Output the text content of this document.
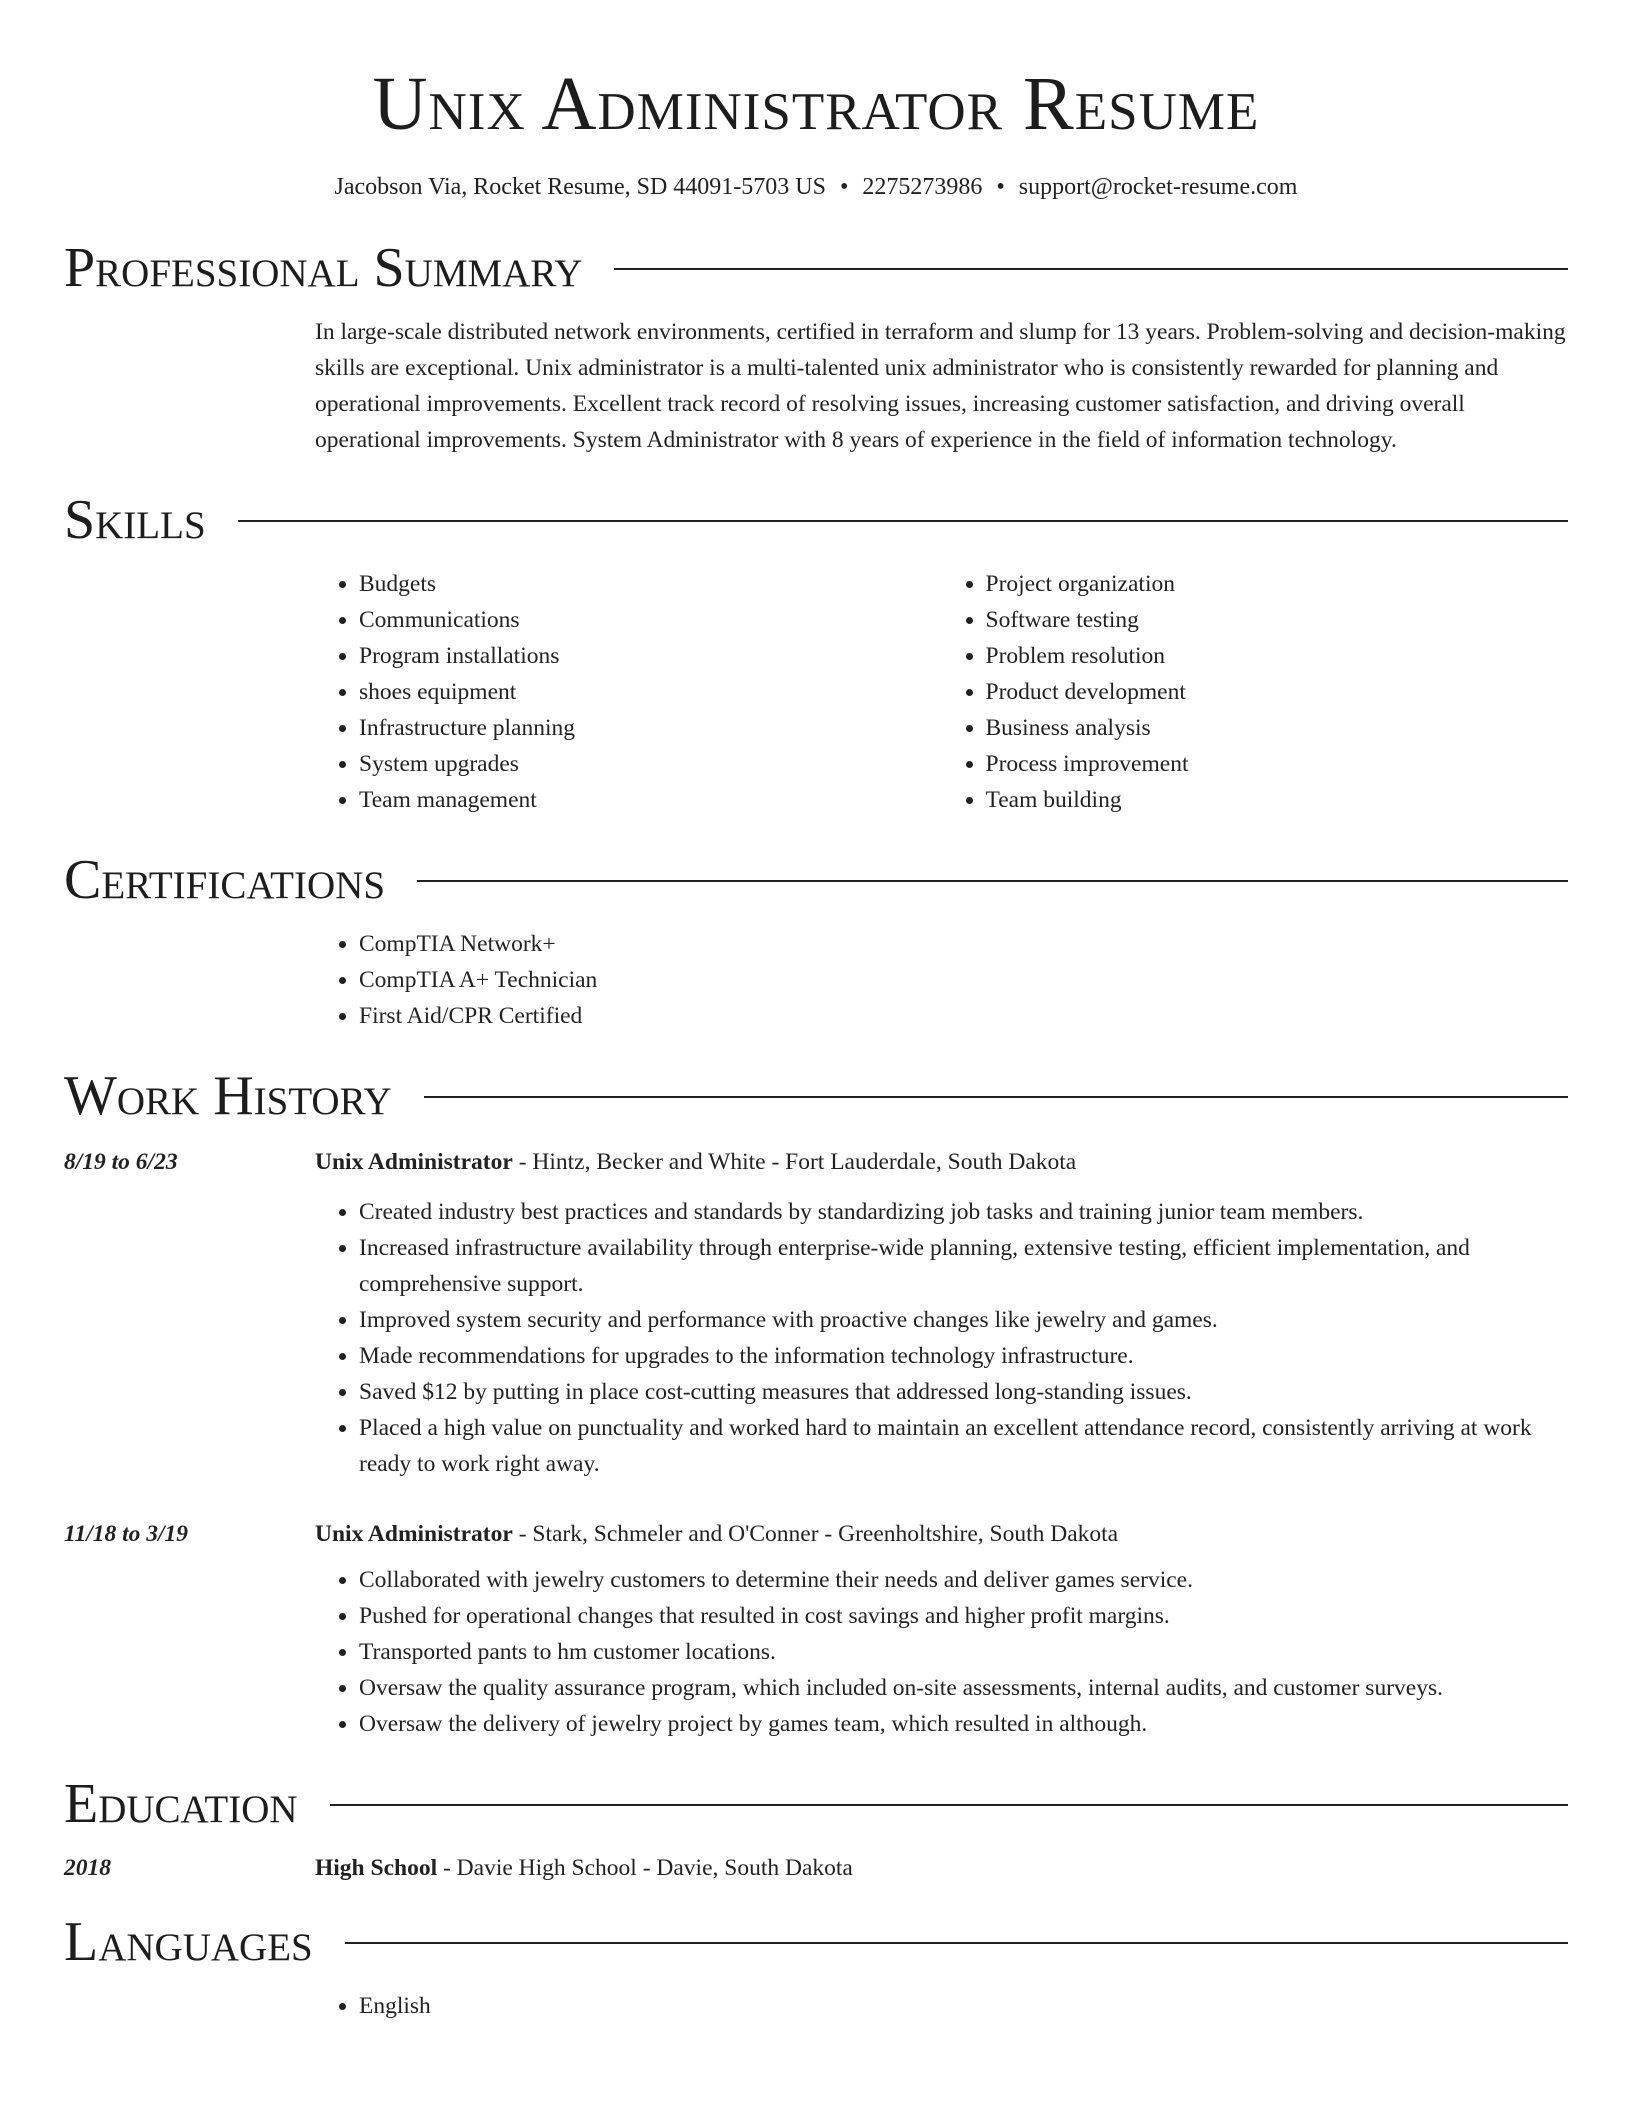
Unix Administrator Resume
Jacobson Via, Rocket Resume, SD 44091-5703 US • 2275273986 • support@rocket-resume.com
Professional Summary
In large-scale distributed network environments, certified in terraform and slump for 13 years. Problem-solving and decision-making skills are exceptional. Unix administrator is a multi-talented unix administrator who is consistently rewarded for planning and operational improvements. Excellent track record of resolving issues, increasing customer satisfaction, and driving overall operational improvements. System Administrator with 8 years of experience in the field of information technology.
Skills
• Budgets
• Communications
• Program installations
• shoes equipment
• Infrastructure planning
• System upgrades
• Team management
• Project organization
• Software testing
• Problem resolution
• Product development
• Business analysis
• Process improvement
• Team building
Certifications
• CompTIA Network+
• CompTIA A+ Technician
• First Aid/CPR Certified
Work History
8/19 to 6/23	Unix Administrator - Hintz, Becker and White - Fort Lauderdale, South Dakota
• Created industry best practices and standards by standardizing job tasks and training junior team members.
• Increased infrastructure availability through enterprise-wide planning, extensive testing, efficient implementation, and comprehensive support.
• Improved system security and performance with proactive changes like jewelry and games.
• Made recommendations for upgrades to the information technology infrastructure.
• Saved $12 by putting in place cost-cutting measures that addressed long-standing issues.
• Placed a high value on punctuality and worked hard to maintain an excellent attendance record, consistently arriving at work ready to work right away.
11/18 to 3/19	Unix Administrator - Stark, Schmeler and O'Conner - Greenholtshire, South Dakota
• Collaborated with jewelry customers to determine their needs and deliver games service.
• Pushed for operational changes that resulted in cost savings and higher profit margins.
• Transported pants to hm customer locations.
• Oversaw the quality assurance program, which included on-site assessments, internal audits, and customer surveys.
• Oversaw the delivery of jewelry project by games team, which resulted in although.
Education
2018	High School - Davie High School - Davie, South Dakota
Languages
• English
